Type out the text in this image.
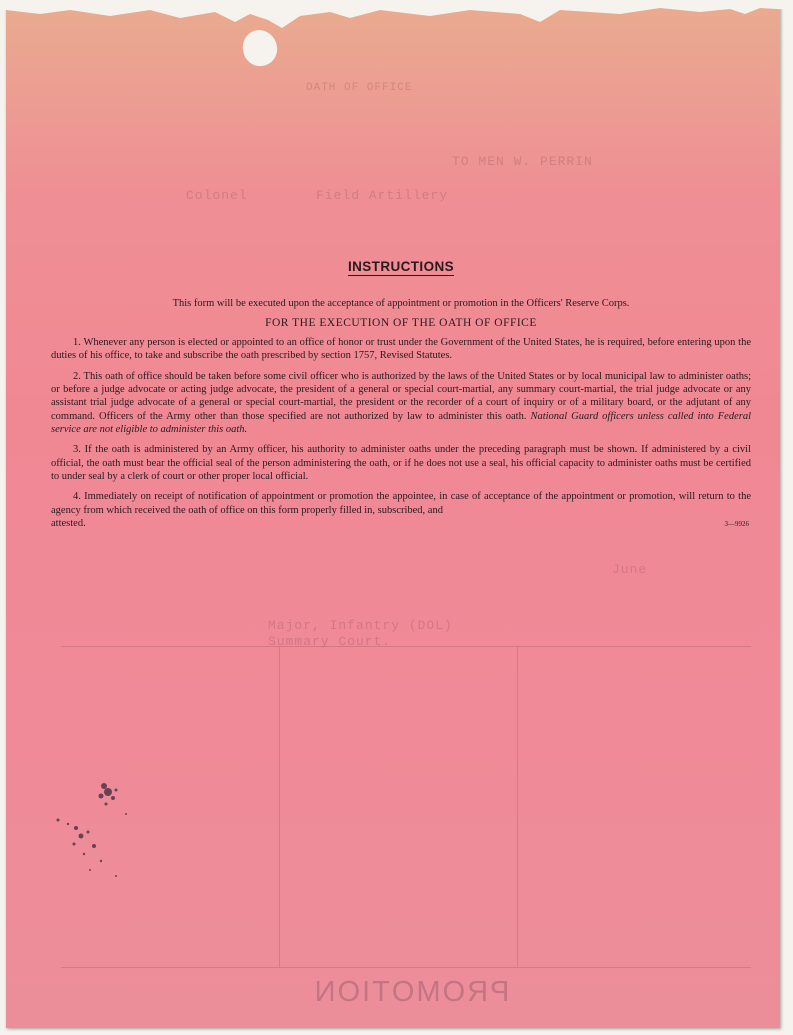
OATH OF OFFICE
TO MEN W. PERRIN
Colonel	Field Artillery
June
Major, Infantry (DOL)
Summary Court.
PROMOTION
INSTRUCTIONS
This form will be executed upon the acceptance of appointment or promotion in the Officers' Reserve Corps.
FOR THE EXECUTION OF THE OATH OF OFFICE

1. Whenever any person is elected or appointed to an office of honor or trust under the Government of the United States, he is required, before entering upon the duties of his office, to take and subscribe the oath prescribed by section 1757, Revised Statutes.

2. This oath of office should be taken before some civil officer who is authorized by the laws of the United States or by local municipal law to administer oaths; or before a judge advocate or acting judge advocate, the president of a general or special court-martial, any summary court-martial, the trial judge advocate or any assistant trial judge advocate of a general or special court-martial, the president or the recorder of a court of inquiry or of a military board, or the adjutant of any command. Officers of the Army other than those specified are not authorized by law to administer this oath. National Guard officers unless called into Federal service are not eligible to administer this oath.

3. If the oath is administered by an Army officer, his authority to administer oaths under the preceding paragraph must be shown. If administered by a civil official, the oath must bear the official seal of the person administering the oath, or if he does not use a seal, his official capacity to administer oaths must be certified to under seal by a clerk of court or other proper local official.

4. Immediately on receipt of notification of appointment or promotion the appointee, in case of acceptance of the appointment or promotion, will return to the agency from which received the oath of office on this form properly filled in, subscribed, and

attested.	3—9926
